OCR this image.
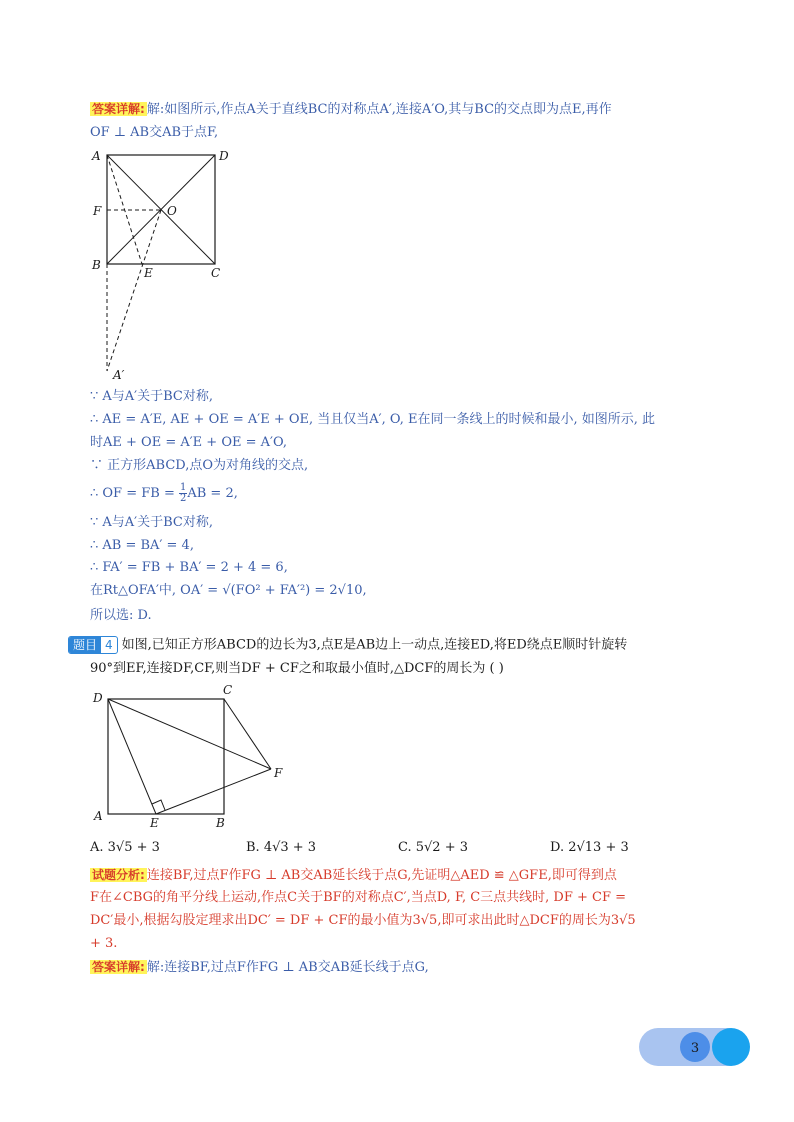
答案详解: 解:如图所示,作点A关于直线BC的对称点A′,连接A′O,其与BC的交点即为点E,再作
OF ⊥ AB交AB于点F,
A	D
F	O
B
E	C
A′
∵ A与A′关于BC对称,
∴ AE = A′E, AE + OE = A′E + OE, 当且仅当A′, O, E在同一条线上的时候和最小, 如图所示, 此
时AE + OE = A′E + OE = A′O,
∵ 正方形ABCD,点O为对角线的交点,
∴ OF = FB = $\frac{1}{2}$ AB = 2,
∵ A与A′关于BC对称,
∴ AB = BA′ = 4,
∴ FA′ = FB + BA′ = 2 + 4 = 6,
在Rt△OFA′中, OA′ = √(FO² + FA′²) = 2√10,
所以选: D.
题目 4 如图,已知正方形ABCD的边长为3,点E是AB边上一动点,连接ED,将ED绕点E顺时针旋转
90°到EF,连接DF,CF,则当DF + CF之和取最小值时,△DCF的周长为 ( )
D
C
F
A	E	B
A. 3√5 + 3	B. 4√3 + 3	C. 5√2 + 3	D. 2√13 + 3
试题分析: 连接BF,过点F作FG ⊥ AB交AB延长线于点G,先证明△AED ≌ △GFE,即可得到点
F在∠CBG的角平分线上运动,作点C关于BF的对称点C′,当点D, F, C三点共线时, DF + CF =
DC′最小,根据勾股定理求出DC′ = DF + CF的最小值为3√5,即可求出此时△DCF的周长为3√5
+ 3.
答案详解: 解:连接BF,过点F作FG ⊥ AB交AB延长线于点G,
3
